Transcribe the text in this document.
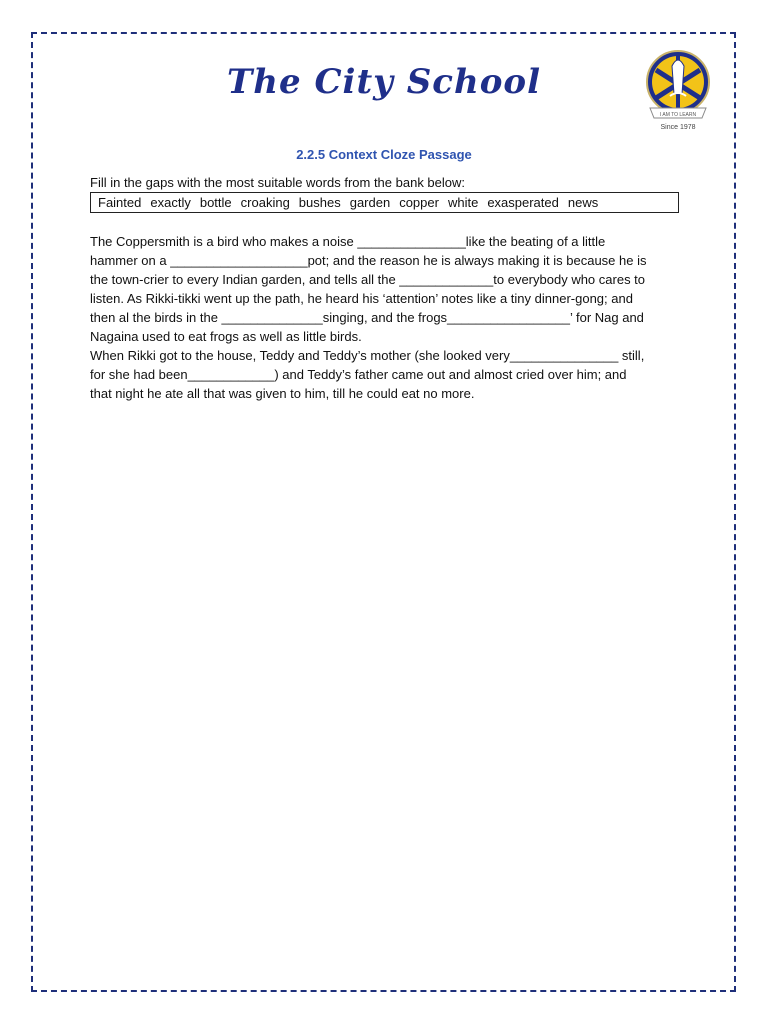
The City School
I AM TO LEARN
Since 1978
2.2.5 Context Cloze Passage
Fill in the gaps with the most suitable words from the bank below:
Fainted exactly bottle croaking bushes garden copper white exasperated news

The Coppersmith is a bird who makes a noise _______________like the beating of a little

hammer on a ___________________pot; and the reason he is always making it is because he is

the town-crier to every Indian garden, and tells all the _____________to everybody who cares to

listen. As Rikki-tikki went up the path, he heard his ‘attention’ notes like a tiny dinner-gong; and

then al the birds in the ______________singing, and the frogs_________________’ for Nag and

Nagaina used to eat frogs as well as little birds.

When Rikki got to the house, Teddy and Teddy’s mother (she looked very_______________ still,

for she had been____________) and Teddy’s father came out and almost cried over him; and

that night he ate all that was given to him, till he could eat no more.
